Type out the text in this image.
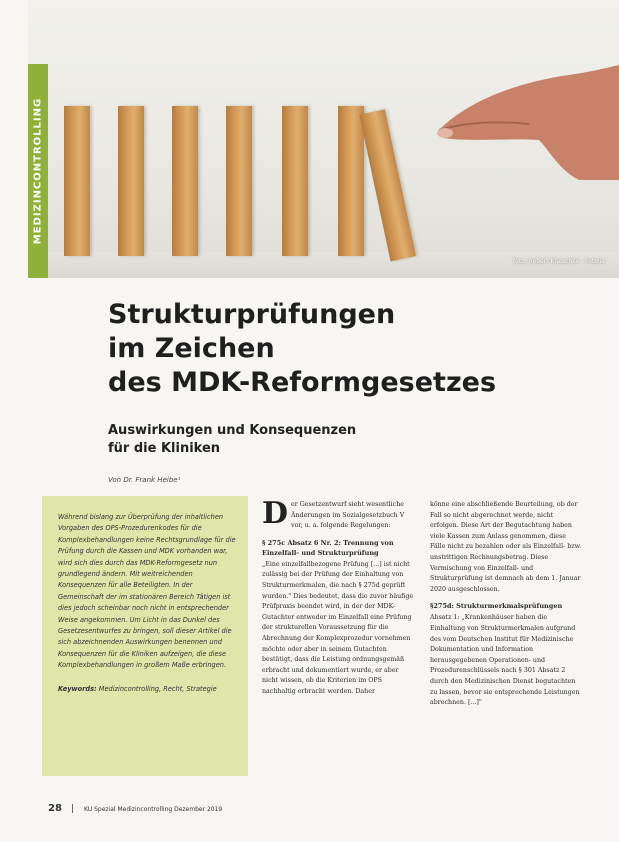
foto: Robert Kneschke - Fotolia
MEDIZINCONTROLLING
Strukturprüfungen
im Zeichen
des MDK-Reformgesetzes
Auswirkungen und Konsequenzen
für die Kliniken
Von Dr. Frank Heibe¹

Während bislang zur Überprüfung der inhaltlichen Vorgaben des OPS-Prozedurenkodes für die Komplexbehandlungen keine Rechtsgrundlage für die Prüfung durch die Kassen und MDK vorhanden war, wird sich dies durch das MDK-Reformgesetz nun grundlegend ändern. Mit weitreichenden Konsequenzen für alle Beteiligten. In der Gemeinschaft der im stationären Bereich Tätigen ist dies jedoch scheinbar noch nicht in entsprechender Weise angekommen. Um Licht in das Dunkel des Gesetzesentwurfes zu bringen, soll dieser Artikel die sich abzeichnenden Auswirkungen benennen und Konsequenzen für die Kliniken aufzeigen, die diese Komplexbehandlungen in großem Maße erbringen.

Keywords: Medizincontrolling, Recht, Strategie

D er Gesetzentwurf sieht wesentliche Änderungen im Sozialgesetzbuch V vor, u. a. folgende Regelungen:

§ 275c Absatz 6 Nr. 2: Trennung von Einzelfall- und Strukturprüfung

„Eine einzelfallbezogene Prüfung [...] ist nicht zulässig bei der Prüfung der Einhaltung von Strukturmerkmalen, die nach § 275d geprüft wurden." Dies bedeutet, dass die zuvor häufige Prüfpraxis beendet wird, in der der MDK-Gutachter entweder im Einzelfall eine Prüfung der strukturellen Voraussetzung für die Abrechnung der Komplexprozedur vornehmen möchte oder aber in seinem Gutachten bestätigt, dass die Leistung ordnungsgemäß erbracht und dokumentiert wurde, er aber nicht wissen, ob die Kriterien im OPS nachhaltig erbracht werden. Daher

könne eine abschließende Beurteilung, ob der Fall so nicht abgerechnet werde, nicht erfolgen. Diese Art der Begutachtung haben viele Kassen zum Anlass genommen, diese Fälle nicht zu bezahlen oder als Einzelfall- bzw. unstrittigen Rechnungsbetrag. Diese Vermischung von Einzelfall- und Strukturprüfung ist demnach ab dem 1. Januar 2020 ausgeschlossen.

§275d: Strukturmerkmalsprüfungen

Absatz 1: „Krankenhäuser haben die Einhaltung von Strukturmerkmalen aufgrund des vom Deutschen Institut für Medizinische Dokumentation und Information herausgegebenen Operationen- und Prozedurenschlüssels nach § 301 Absatz 2 durch den Medizinischen Dienst begutachten zu lassen, bevor sie entsprechende Leistungen abrechnen. [...]"

28	KU Spezial Medizincontrolling Dezember 2019
